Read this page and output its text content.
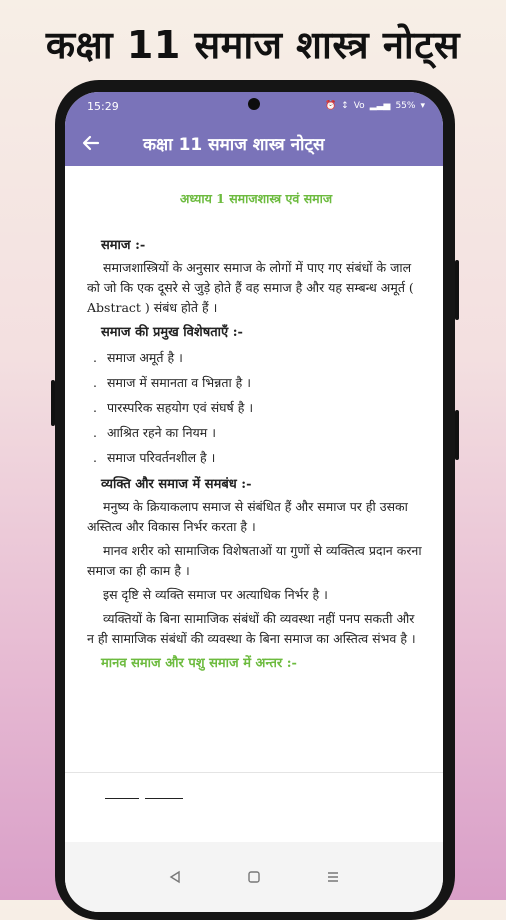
कक्षा 11 समाज शास्त्र नोट्स
15:29	⏰ ↕ Vo ▂▃▅ 55% ▾
कक्षा 11 समाज शास्त्र नोट्स
अध्याय 1 समाजशास्त्र एवं समाज
समाज :-

समाजशास्त्रियों के अनुसार समाज के लोगों में पाए गए संबंधों के जाल को जो कि एक दूसरे से जुड़े होते हैं वह समाज है और यह सम्बन्ध अमूर्त ( Abstract ) संबंध होते हैं ।

समाज की प्रमुख विशेषताएँ :-
. समाज अमूर्त है ।
. समाज में समानता व भिन्नता है ।
. पारस्परिक सहयोग एवं संघर्ष है ।
. आश्रित रहने का नियम ।
. समाज परिवर्तनशील है ।
व्यक्ति और समाज में समबंध :-

मनुष्य के क्रियाकलाप समाज से संबंधित हैं और समाज पर ही उसका अस्तित्व और विकास निर्भर करता है ।

मानव शरीर को सामाजिक विशेषताओं या गुणों से व्यक्तित्व प्रदान करना समाज का ही काम है ।

इस दृष्टि से व्यक्ति समाज पर अत्याधिक निर्भर है ।

व्यक्तियों के बिना सामाजिक संबंधों की व्यवस्था नहीं पनप सकती और न ही सामाजिक संबंधों की व्यवस्था के बिना समाज का अस्तित्व संभव है ।

मानव समाज और पशु समाज में अन्तर :-
